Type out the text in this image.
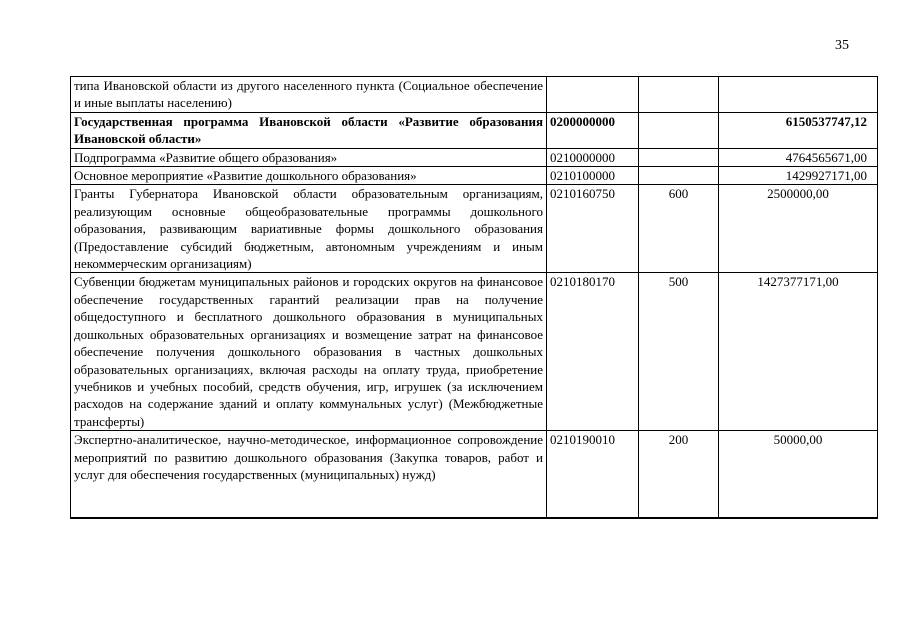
35
типа Ивановской области из другого населенного пункта (Социальное обеспечение и иные выплаты населению)			
Государственная программа Ивановской области «Развитие образования Ивановской области»	0200000000		6150537747,12
Подпрограмма «Развитие общего образования»	0210000000		4764565671,00
Основное мероприятие «Развитие дошкольного образования»	0210100000		1429927171,00
Гранты Губернатора Ивановской области образовательным организациям, реализующим основные общеобразовательные программы дошкольного образования, развивающим вариативные формы дошкольного образования (Предоставление субсидий бюджетным, автономным учреждениям и иным некоммерческим организациям)	0210160750	600	2500000,00
Субвенции бюджетам муниципальных районов и городских округов на финансовое обеспечение государственных гарантий реализации прав на получение общедоступного и бесплатного дошкольного образования в муниципальных дошкольных образовательных организациях и возмещение затрат на финансовое обеспечение получения дошкольного образования в частных дошкольных образовательных организациях, включая расходы на оплату труда, приобретение учебников и учебных пособий, средств обучения, игр, игрушек (за исключением расходов на содержание зданий и оплату коммунальных услуг) (Межбюджетные трансферты)	0210180170	500	1427377171,00
Экспертно-аналитическое, научно-методическое, информационное сопровождение мероприятий по развитию дошкольного образования (Закупка товаров, работ и услуг для обеспечения государственных (муниципальных) нужд)	0210190010	200	50000,00
